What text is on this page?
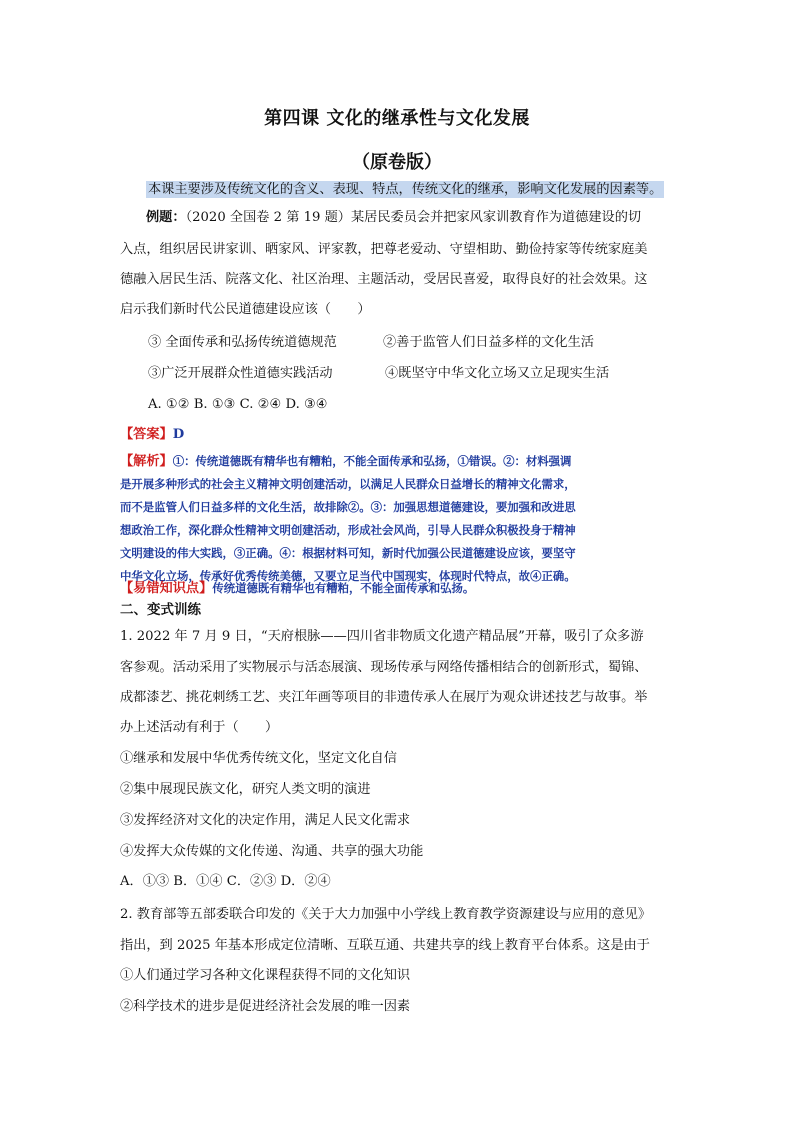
第四课 文化的继承性与文化发展
（原卷版）
本课主要涉及传统文化的含义、表现、特点，传统文化的继承，影响文化发展的因素等。
例题：（2020 全国卷 2 第 19 题）某居民委员会并把家风家训教育作为道德建设的切
入点，组织居民讲家训、晒家风、评家教，把尊老爱动、守望相助、勤俭持家等传统家庭美
德融入居民生活、院落文化、社区治理、主题活动，受居民喜爱，取得良好的社会效果。这
启示我们新时代公民道德建设应该（　　）
③ 全面传承和弘扬传统道德规范	②善于监管人们日益多样的文化生活
③广泛开展群众性道德实践活动	④既坚守中华文化立场又立足现实生活
A. ①② B. ①③ C. ②④ D. ③④
【答案】D
【解析】①：传统道德既有精华也有糟粕，不能全面传承和弘扬，①错误。②：材料强调
是开展多种形式的社会主义精神文明创建活动，以满足人民群众日益增长的精神文化需求，
而不是监管人们日益多样的文化生活，故排除②。③：加强思想道德建设，要加强和改进思
想政治工作，深化群众性精神文明创建活动，形成社会风尚，引导人民群众积极投身于精神
文明建设的伟大实践，③正确。④：根据材料可知，新时代加强公民道德建设应该，要坚守
中华文化立场，传承好优秀传统美德，又要立足当代中国现实，体现时代特点，故④正确。
【易错知识点】传统道德既有精华也有糟粕，不能全面传承和弘扬。
二、变式训练
1. 2022 年 7 月 9 日，“天府根脉——四川省非物质文化遗产精品展”开幕，吸引了众多游
客参观。活动采用了实物展示与活态展演、现场传承与网络传播相结合的创新形式，蜀锦、
成都漆艺、挑花刺绣工艺、夹江年画等项目的非遗传承人在展厅为观众讲述技艺与故事。举
办上述活动有利于（　　）
①继承和发展中华优秀传统文化，坚定文化自信
②集中展现民族文化，研究人类文明的演进
③发挥经济对文化的决定作用，满足人民文化需求
④发挥大众传媒的文化传递、沟通、共享的强大功能
A．①③ B．①④ C．②③ D．②④
2. 教育部等五部委联合印发的《关于大力加强中小学线上教育教学资源建设与应用的意见》
指出，到 2025 年基本形成定位清晰、互联互通、共建共享的线上教育平台体系。这是由于
①人们通过学习各种文化课程获得不同的文化知识
②科学技术的进步是促进经济社会发展的唯一因素
